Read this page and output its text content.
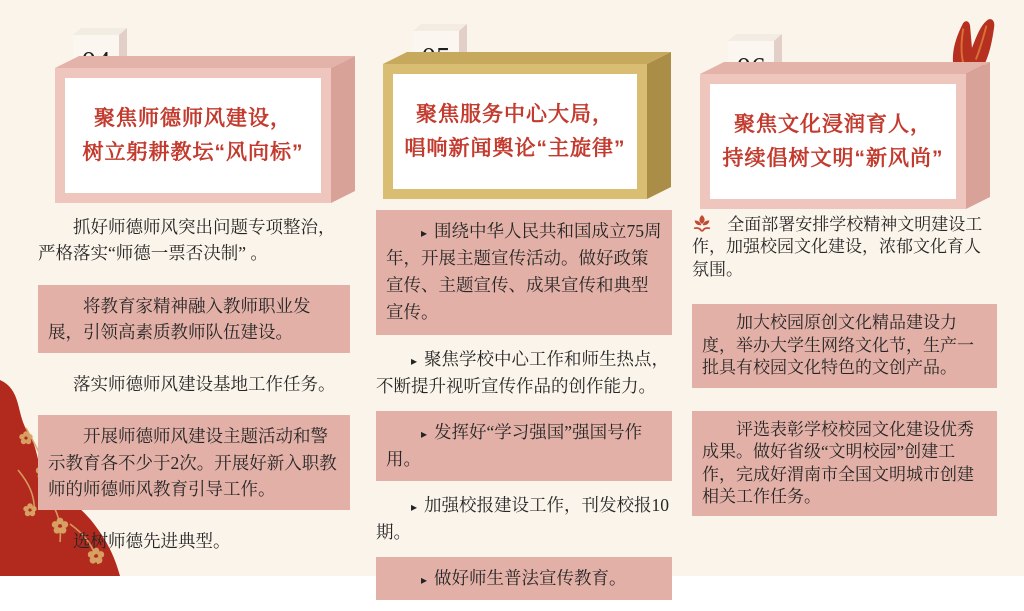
聚焦师德师风建设，
树立躬耕教坛“风向标”
聚焦服务中心大局，
唱响新闻舆论“主旋律”
聚焦文化浸润育人，
持续倡树文明“新风尚”

抓好师德师风突出问题专项整治，严格落实“师德一票否决制” 。

将教育家精神融入教师职业发展，引领高素质教师队伍建设。

落实师德师风建设基地工作任务。

开展师德师风建设主题活动和警示教育各不少于2次。开展好新入职教师的师德师风教育引导工作。

选树师德先进典型。

▸ 围绕中华人民共和国成立75周年，开展主题宣传活动。做好政策宣传、主题宣传、成果宣传和典型宣传。

▸ 聚焦学校中心工作和师生热点，不断提升视听宣传作品的创作能力。

▸ 发挥好“学习强国”强国号作用。

▸ 加强校报建设工作，刊发校报10期。

▸ 做好师生普法宣传教育。

全面部署安排学校精神文明建设工作，加强校园文化建设，浓郁文化育人氛围。

加大校园原创文化精品建设力度，举办大学生网络文化节，生产一批具有校园文化特色的文创产品。

评选表彰学校校园文化建设优秀成果。做好省级“文明校园”创建工作，完成好渭南市全国文明城市创建相关工作任务。
